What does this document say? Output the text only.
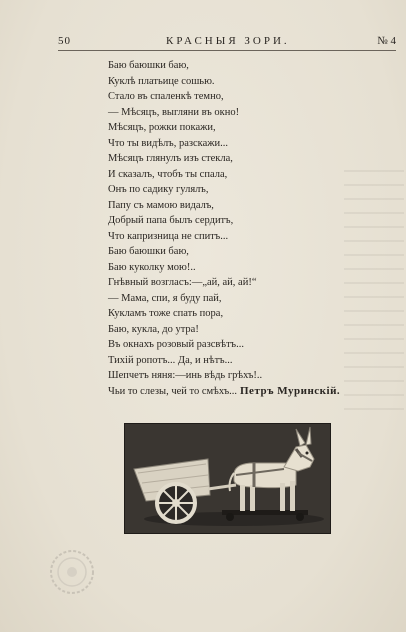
50	КРАСНЫЯ ЗОРИ.	№ 4
Баю баюшки баю,
Куклѣ платьице сошью.
Стало въ спаленкѣ темно,
— Мѣсяцъ, выгляни въ окно!
Мѣсяцъ, рожки покажи,
Что ты видѣлъ, разскажи...
Мѣсяцъ глянулъ изъ стекла,
И сказалъ, чтобъ ты спала,
Онъ по садику гулялъ,
Папу съ мамою видалъ,
Добрый папа былъ сердитъ,
Что капризница не спитъ...
Баю баюшки баю,
Баю куколку мою!..
Гнѣвный возгласъ:—„ай, ай, ай!“
— Мама, спи, я буду пай,
Кукламъ тоже спать пора,
Баю, кукла, до утра!
Въ окнахъ розовый разсвѣтъ...
Тихій ропотъ... Да, и нѣтъ...
Шепчетъ няня:—инь вѣдь грѣхъ!..
Чьи то слезы, чей то смѣхъ... Петръ Муринскій.
